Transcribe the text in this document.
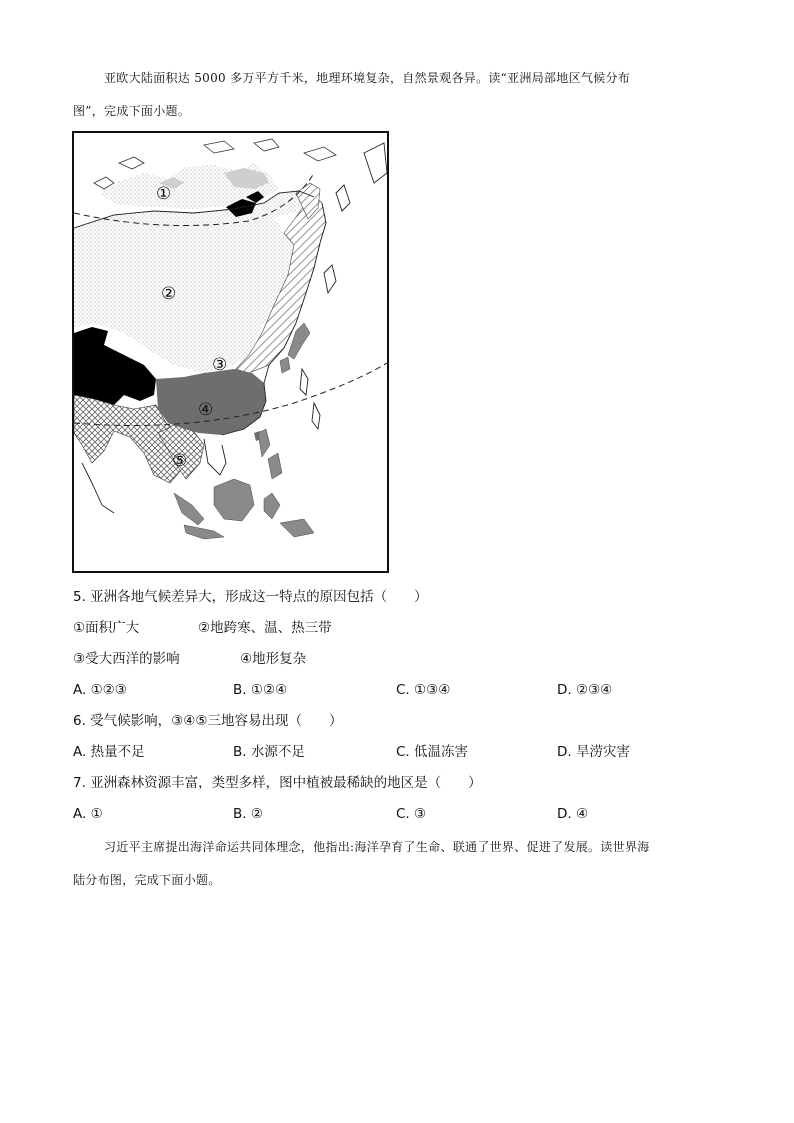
亚欧大陆面积达 5000 多万平方千米，地理环境复杂，自然景观各异。读“亚洲局部地区气候分布
图”，完成下面小题。
①
②
③
④
⑤
5. 亚洲各地气候差异大，形成这一特点的原因包括（　　）
①面积广大	②地跨寒、温、热三带
③受大西洋的影响	④地形复杂
A. ①②③	B. ①②④	C. ①③④	D. ②③④
6. 受气候影响，③④⑤三地容易出现（　　）
A. 热量不足	B. 水源不足	C. 低温冻害	D. 旱涝灾害
7. 亚洲森林资源丰富，类型多样，图中植被最稀缺的地区是（　　）
A. ①	B. ②	C. ③	D. ④
习近平主席提出海洋命运共同体理念，他指出:海洋孕育了生命、联通了世界、促进了发展。读世界海
陆分布图，完成下面小题。
